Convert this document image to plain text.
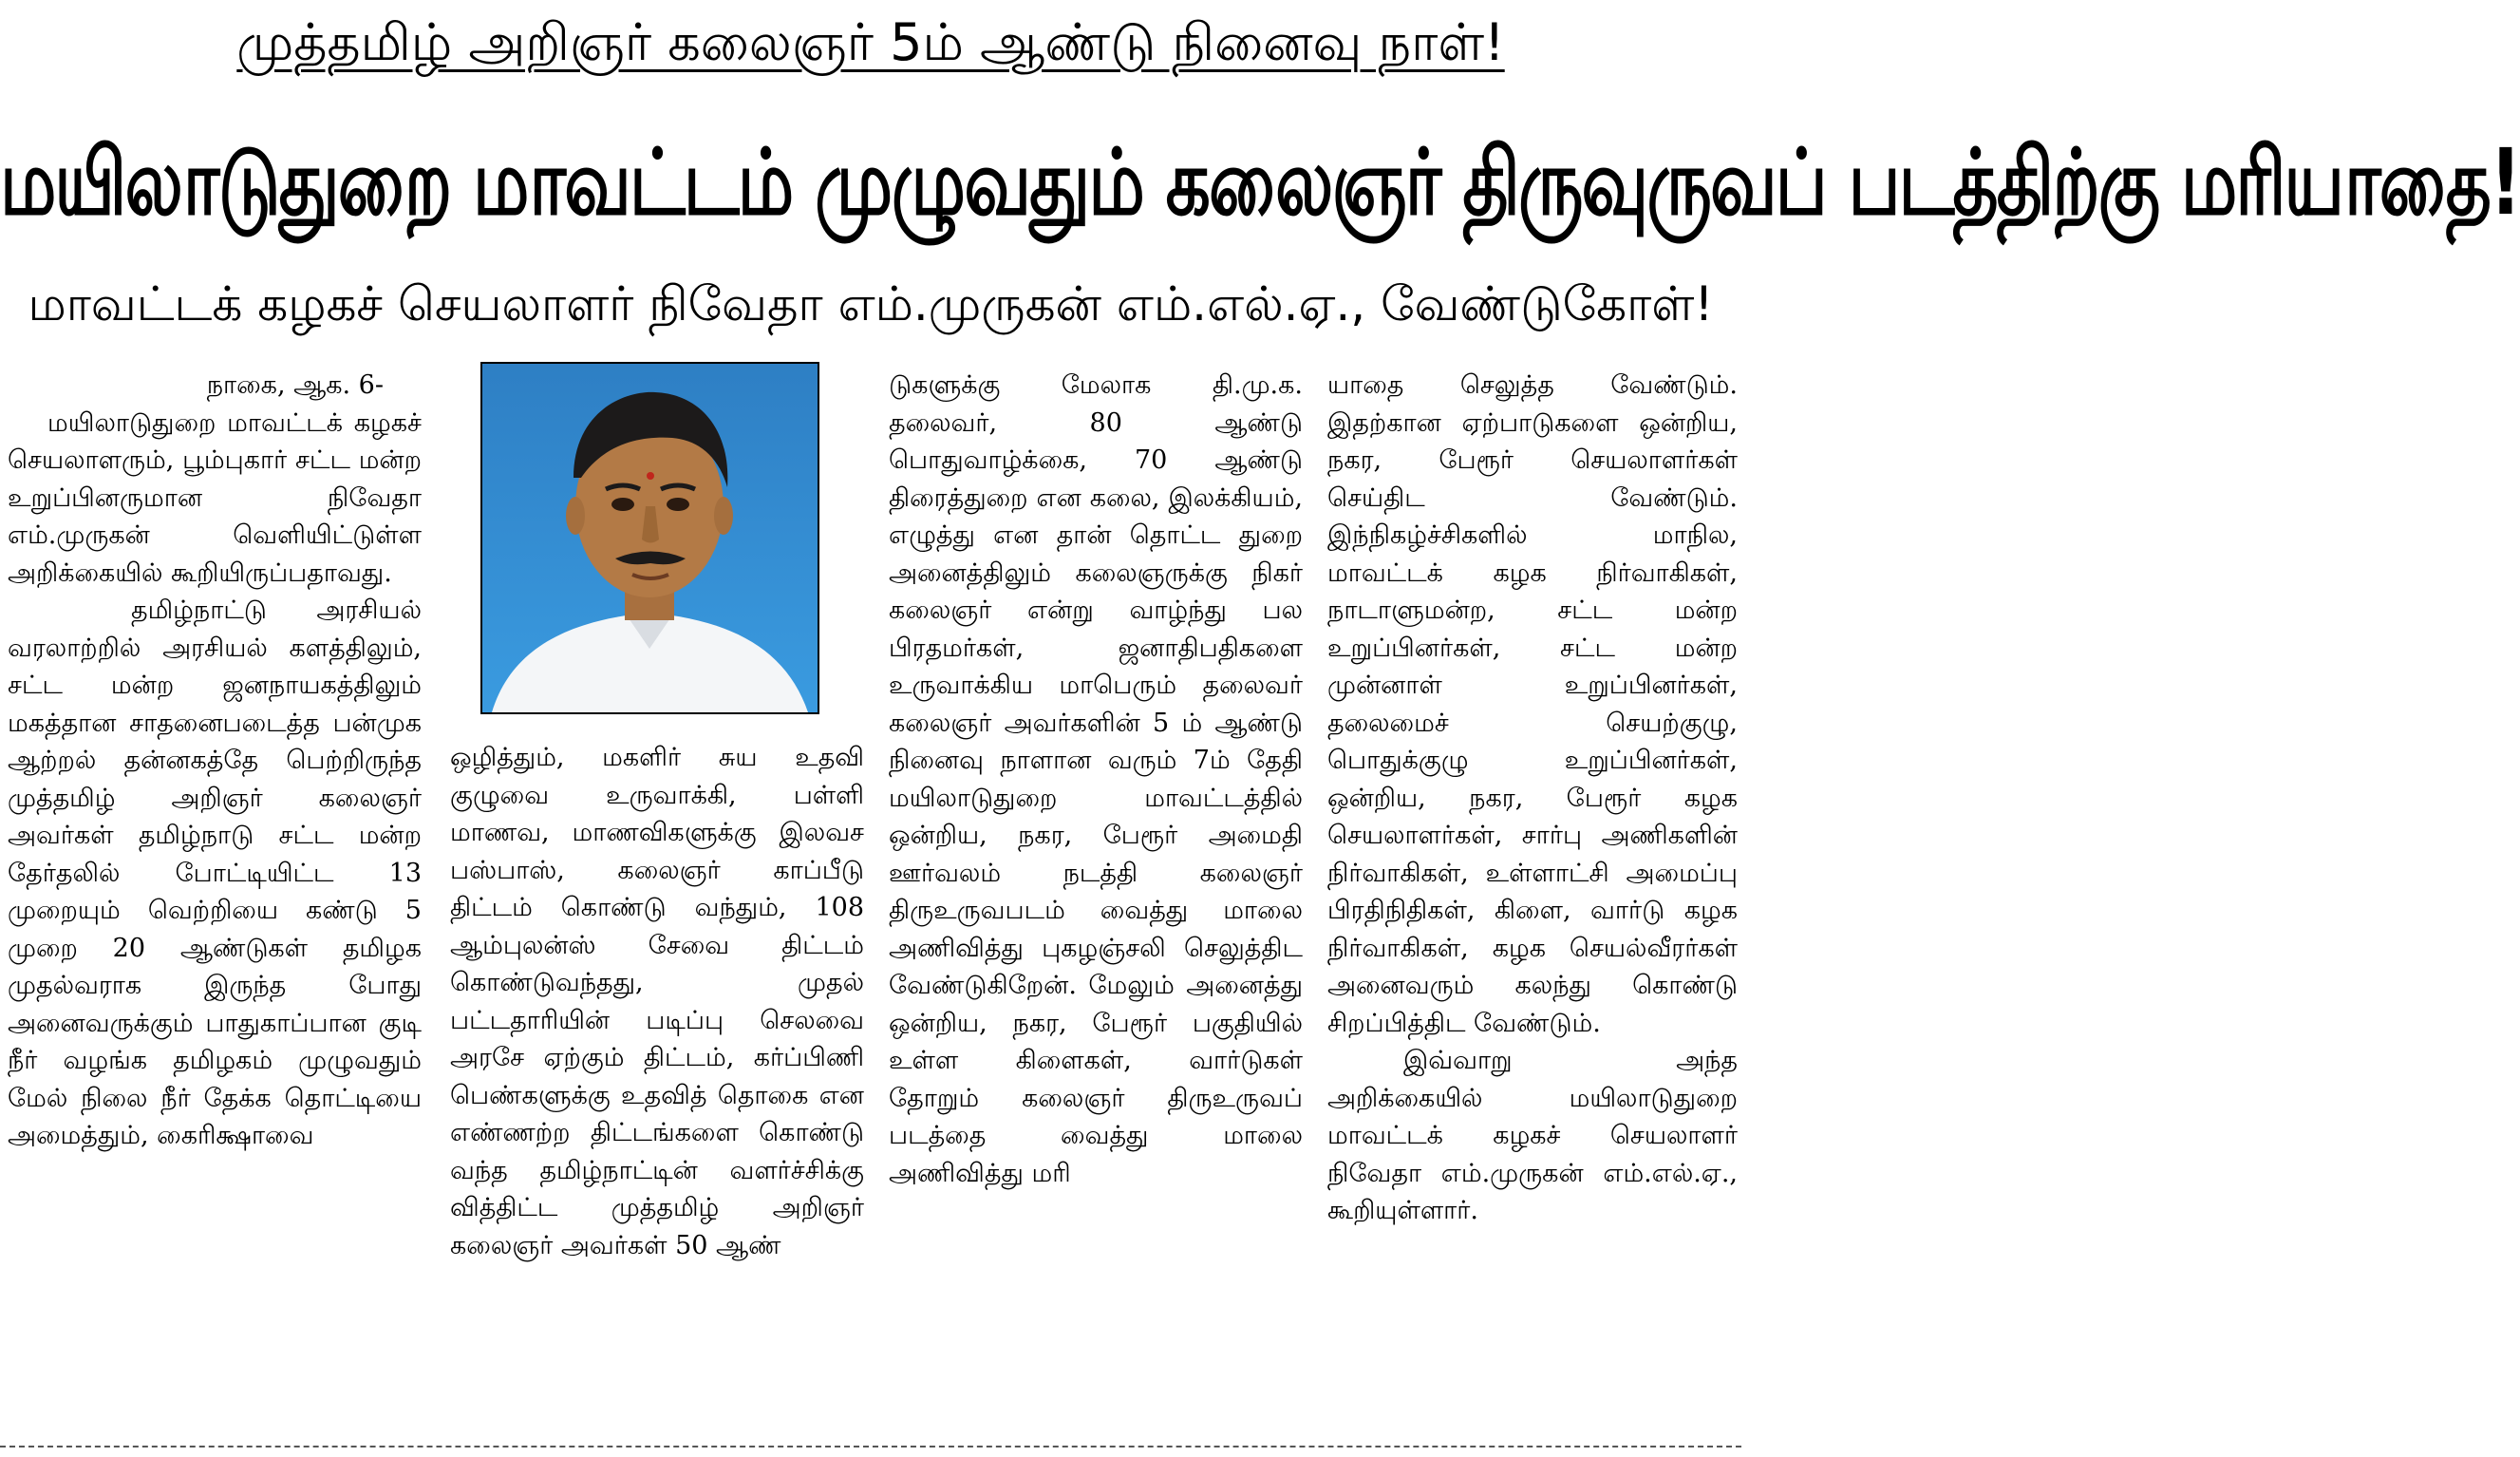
முத்தமிழ் அறிஞர் கலைஞர் 5ம் ஆண்டு நினைவு நாள்!
மயிலாடுதுறை மாவட்டம் முழுவதும் கலைஞர் திருவுருவப் படத்திற்கு மரியாதை!
மாவட்டக் கழகச் செயலாளர் நிவேதா எம்.முருகன் எம்.எல்.ஏ., வேண்டுகோள்!

நாகை, ஆக. 6-

மயிலாடுதுறை மாவட்டக் கழகச் செயலாளரும், பூம்புகார் சட்ட மன்ற உறுப்பினருமான நிவேதா எம்.முருகன் வெளியிட்டுள்ள அறிக்கையில் கூறியிருப்பதாவது.

தமிழ்நாட்டு அரசியல் வரலாற்றில் அரசியல் களத்திலும், சட்ட மன்ற ஜனநாயகத்திலும் மகத்தான சாதனைபடைத்த பன்முக ஆற்றல் தன்னகத்தே பெற்றிருந்த முத்தமிழ் அறிஞர் கலைஞர் அவர்கள் தமிழ்நாடு சட்ட மன்ற தேர்தலில் போட்டியிட்ட 13 முறையும் வெற்றியை கண்டு 5 முறை 20 ஆண்டுகள் தமிழக முதல்வராக இருந்த போது அனைவருக்கும் பாதுகாப்பான குடி நீர் வழங்க தமிழகம் முழுவதும் மேல் நிலை நீர் தேக்க தொட்டியை அமைத்தும், கைரிக்ஷாவை

ஒழித்தும், மகளிர் சுய உதவி குழுவை உருவாக்கி, பள்ளி மாணவ, மாணவிகளுக்கு இலவச பஸ்பாஸ், கலைஞர் காப்பீடு திட்டம் கொண்டு வந்தும், 108 ஆம்புலன்ஸ் சேவை திட்டம் கொண்டுவந்தது, முதல் பட்டதாரியின் படிப்பு செலவை அரசே ஏற்கும் திட்டம், கர்ப்பிணி பெண்களுக்கு உதவித் தொகை என எண்ணற்ற திட்டங்களை கொண்டு வந்த தமிழ்நாட்டின் வளர்ச்சிக்கு வித்திட்ட முத்தமிழ் அறிஞர் கலைஞர் அவர்கள் 50 ஆண்

டுகளுக்கு மேலாக தி.மு.க. தலைவர், 80 ஆண்டு பொதுவாழ்க்கை, 70 ஆண்டு திரைத்துறை என கலை, இலக்கியம், எழுத்து என தான் தொட்ட துறை அனைத்திலும் கலைஞருக்கு நிகர் கலைஞர் என்று வாழ்ந்து பல பிரதமர்கள், ஜனாதிபதிகளை உருவாக்கிய மாபெரும் தலைவர் கலைஞர் அவர்களின் 5 ம் ஆண்டு நினைவு நாளான வரும் 7ம் தேதி மயிலாடுதுறை மாவட்டத்தில் ஒன்றிய, நகர, பேரூர் அமைதி ஊர்வலம் நடத்தி கலைஞர் திருஉருவபடம் வைத்து மாலை அணிவித்து புகழஞ்சலி செலுத்திட வேண்டுகிறேன். மேலும் அனைத்து ஒன்றிய, நகர, பேரூர் பகுதியில் உள்ள கிளைகள், வார்டுகள் தோறும் கலைஞர் திருஉருவப் படத்தை வைத்து மாலை அணிவித்து மரி

யாதை செலுத்த வேண்டும். இதற்கான ஏற்பாடுகளை ஒன்றிய, நகர, பேரூர் செயலாளர்கள் செய்திட வேண்டும். இந்நிகழ்ச்சிகளில் மாநில, மாவட்டக் கழக நிர்வாகிகள், நாடாளுமன்ற, சட்ட மன்ற உறுப்பினர்கள், சட்ட மன்ற முன்னாள் உறுப்பினர்கள், தலைமைச் செயற்குழு, பொதுக்குழு உறுப்பினர்கள், ஒன்றிய, நகர, பேரூர் கழக செயலாளர்கள், சார்பு அணிகளின் நிர்வாகிகள், உள்ளாட்சி அமைப்பு பிரதிநிதிகள், கிளை, வார்டு கழக நிர்வாகிகள், கழக செயல்வீரர்கள் அனைவரும் கலந்து கொண்டு சிறப்பித்திட வேண்டும்.

இவ்வாறு அந்த அறிக்கையில் மயிலாடுதுறை மாவட்டக் கழகச் செயலாளர் நிவேதா எம்.முருகன் எம்.எல்.ஏ., கூறியுள்ளார்.
